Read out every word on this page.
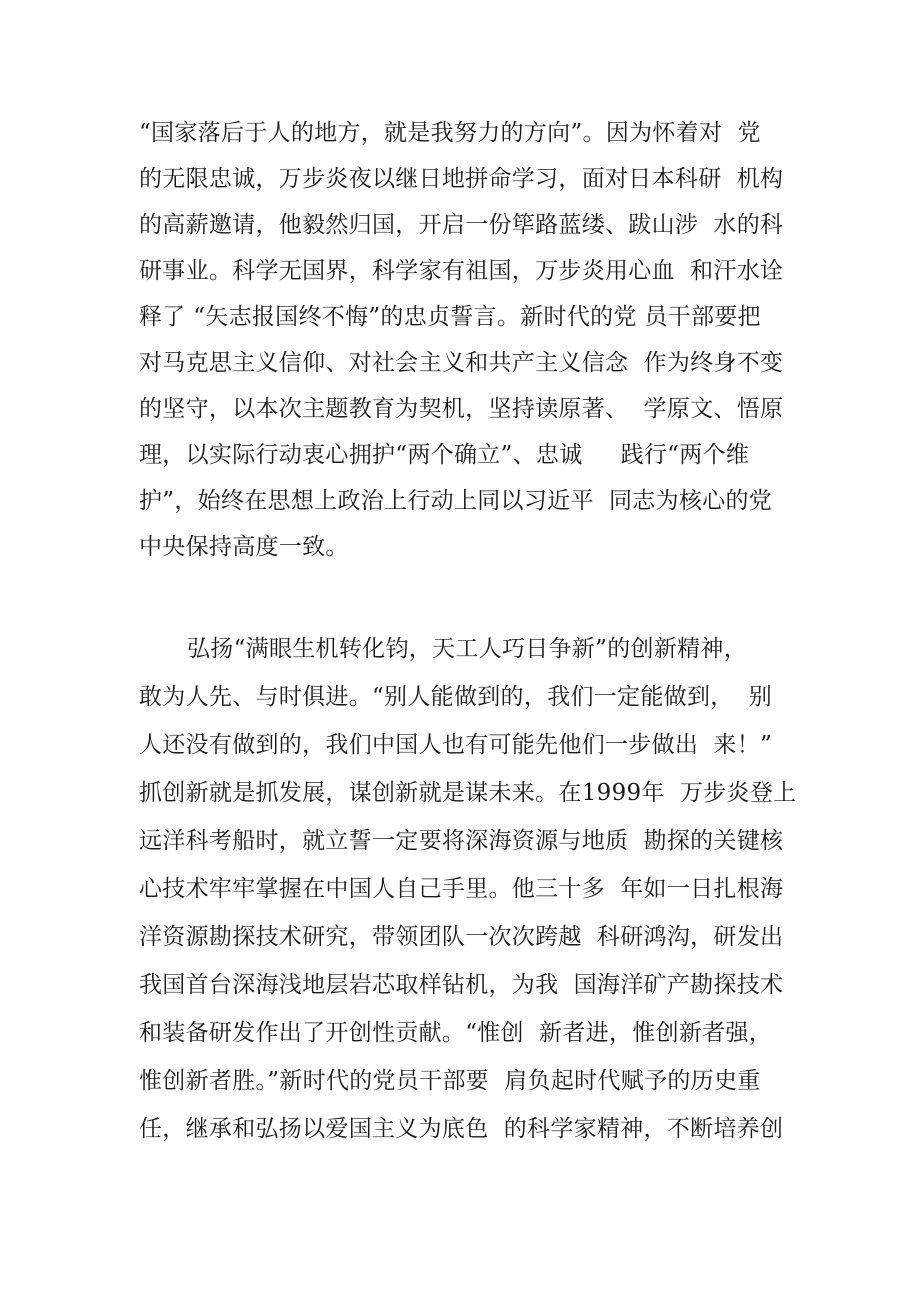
“国家落后于人的地方，就是我努力的方向”。因为怀着对  党
的无限忠诚，万步炎夜以继日地拼命学习，面对日本科研  机构
的高薪邀请，他毅然归国，开启一份筚路蓝缕、跋山涉  水的科
研事业。科学无国界，科学家有祖国，万步炎用心血  和汗水诠
释了 “矢志报国终不悔”的忠贞誓言。新时代的党 员干部要把
对马克思主义信仰、对社会主义和共产主义信念  作为终身不变
的坚守，以本次主题教育为契机，坚持读原著、  学原文、悟原
理，以实际行动衷心拥护“两个确立”、忠诚     践行“两个维
护”，始终在思想上政治上行动上同以习近平  同志为核心的党
中央保持高度一致。
弘扬“满眼生机转化钧，天工人巧日争新”的创新精神，
敢为人先、与时俱进。“别人能做到的，我们一定能做到，  别
人还没有做到的，我们中国人也有可能先他们一步做出  来！”
抓创新就是抓发展，谋创新就是谋未来。在1999年  万步炎登上
远洋科考船时，就立誓一定要将深海资源与地质  勘探的关键核
心技术牢牢掌握在中国人自己手里。他三十多  年如一日扎根海
洋资源勘探技术研究，带领团队一次次跨越  科研鸿沟，研发出
我国首台深海浅地层岩芯取样钻机，为我  国海洋矿产勘探技术
和装备研发作出了开创性贡献。“惟创  新者进，惟创新者强，
惟创新者胜。”新时代的党员干部要  肩负起时代赋予的历史重
任，继承和弘扬以爱国主义为底色  的科学家精神，不断培养创
